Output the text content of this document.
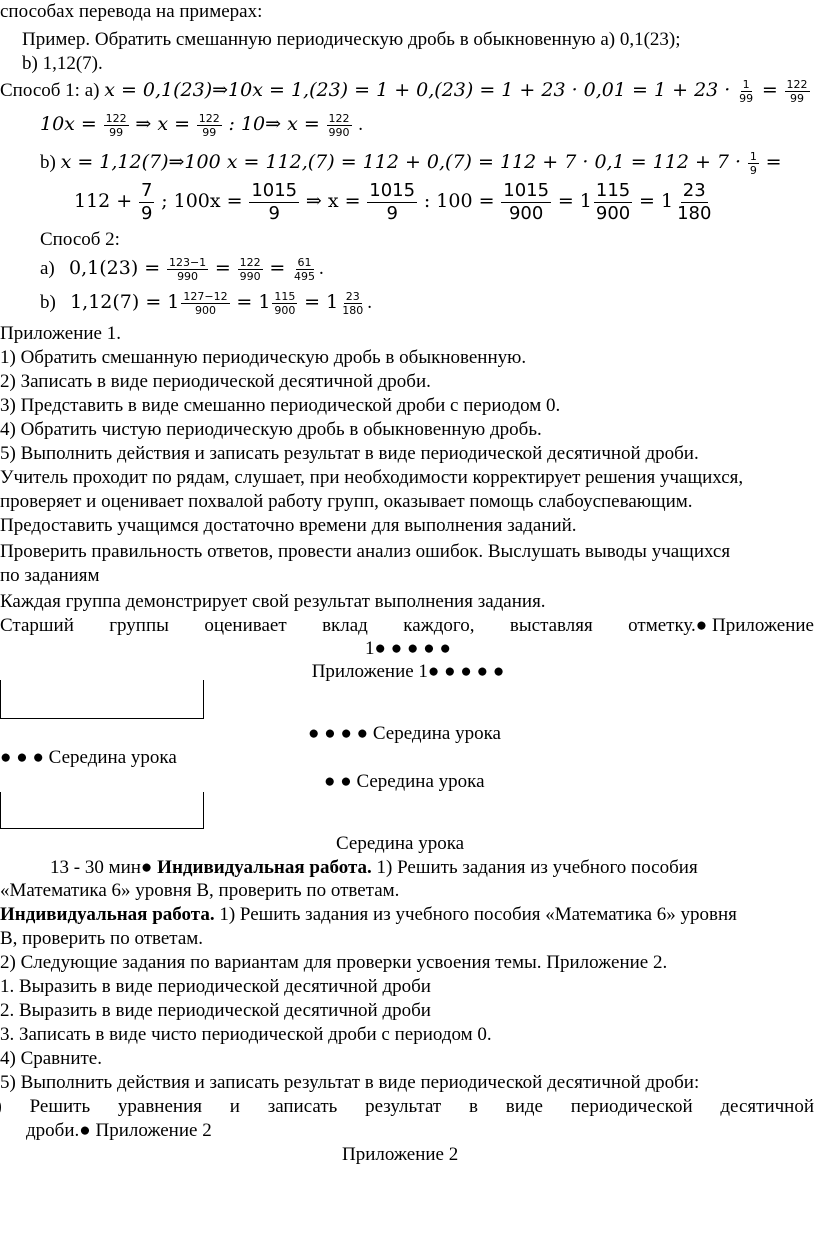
способах перевода на примерах:
Пример. Обратить смешанную периодическую дробь в обыкновенную а) 0,1(23);
b) 1,12(7).
Способ 1: а) x = 0,1(23)⇒10x = $1,(23) = 1 + 0,(23) = 1 + 23 \cdot 0,01 = 1 + 23 \cdot \frac{1}{99} = \frac{122}{99}$
$10x = \frac{122}{99}$ ⇒ $x = \frac{122}{99}$ : 10⇒ $x = \frac{122}{990}$ .
b) x = 1,12(7)⇒100 $x = 112,(7) = 112 + 0,(7) = 112 + 7 \cdot 0,1 = 112 + 7 \cdot \frac{1}{9}$ =
$112 + \frac{7}{9}$ ; $100x = \frac{1015}{9}$ ⇒ $x = \frac{1015}{9}$ : $100 = \frac{1015}{900} = 1 \frac{115}{900} = 1 \frac{23}{180}$
Способ 2:
a) $0,1(23) = \frac{123-1}{990} = \frac{122}{990} = \frac{61}{495}$ .
b) $1,12(7) = 1 \frac{127-12}{900} = 1 \frac{115}{900} = 1 \frac{23}{180}$ .
Приложение 1.
1) Обратить смешанную периодическую дробь в обыкновенную.
2) Записать в виде периодической десятичной дроби.
3) Представить в виде смешанно периодической дроби с периодом 0.
4) Обратить чистую периодическую дробь в обыкновенную дробь.
5) Выполнить действия и записать результат в виде периодической десятичной дроби.
Учитель проходит по рядам, слушает, при необходимости корректирует решения учащихся,
проверяет и оценивает похвалой работу групп, оказывает помощь слабоуспевающим.
Предоставить учащимся достаточно времени для выполнения заданий.
Проверить правильность ответов, провести анализ ошибок. Выслушать выводы учащихся
по заданиям
Каждая группа демонстрирует свой результат выполнения задания.
Старший группы оценивает вклад каждого, выставляя отметку.● Приложение
1● ● ● ● ●
Приложение 1● ● ● ● ●
● ● ● ● Середина урока
● ● ● Середина урока
● ● Середина урока
Середина урока
13 - 30 мин● Индивидуальная работа. 1) Решить задания из учебного пособия
«Математика 6» уровня В, проверить по ответам.
Индивидуальная работа. 1) Решить задания из учебного пособия «Математика 6» уровня
В, проверить по ответам.
2) Следующие задания по вариантам для проверки усвоения темы. Приложение 2.
1. Выразить в виде периодической десятичной дроби
2. Выразить в виде периодической десятичной дроби
3. Записать в виде чисто периодической дроби с периодом 0.
4) Сравните.
5) Выполнить действия и записать результат в виде периодической десятичной дроби:
Решить уравнения и записать результат в виде периодической десятичной
дроби.● Приложение 2
Приложение 2
